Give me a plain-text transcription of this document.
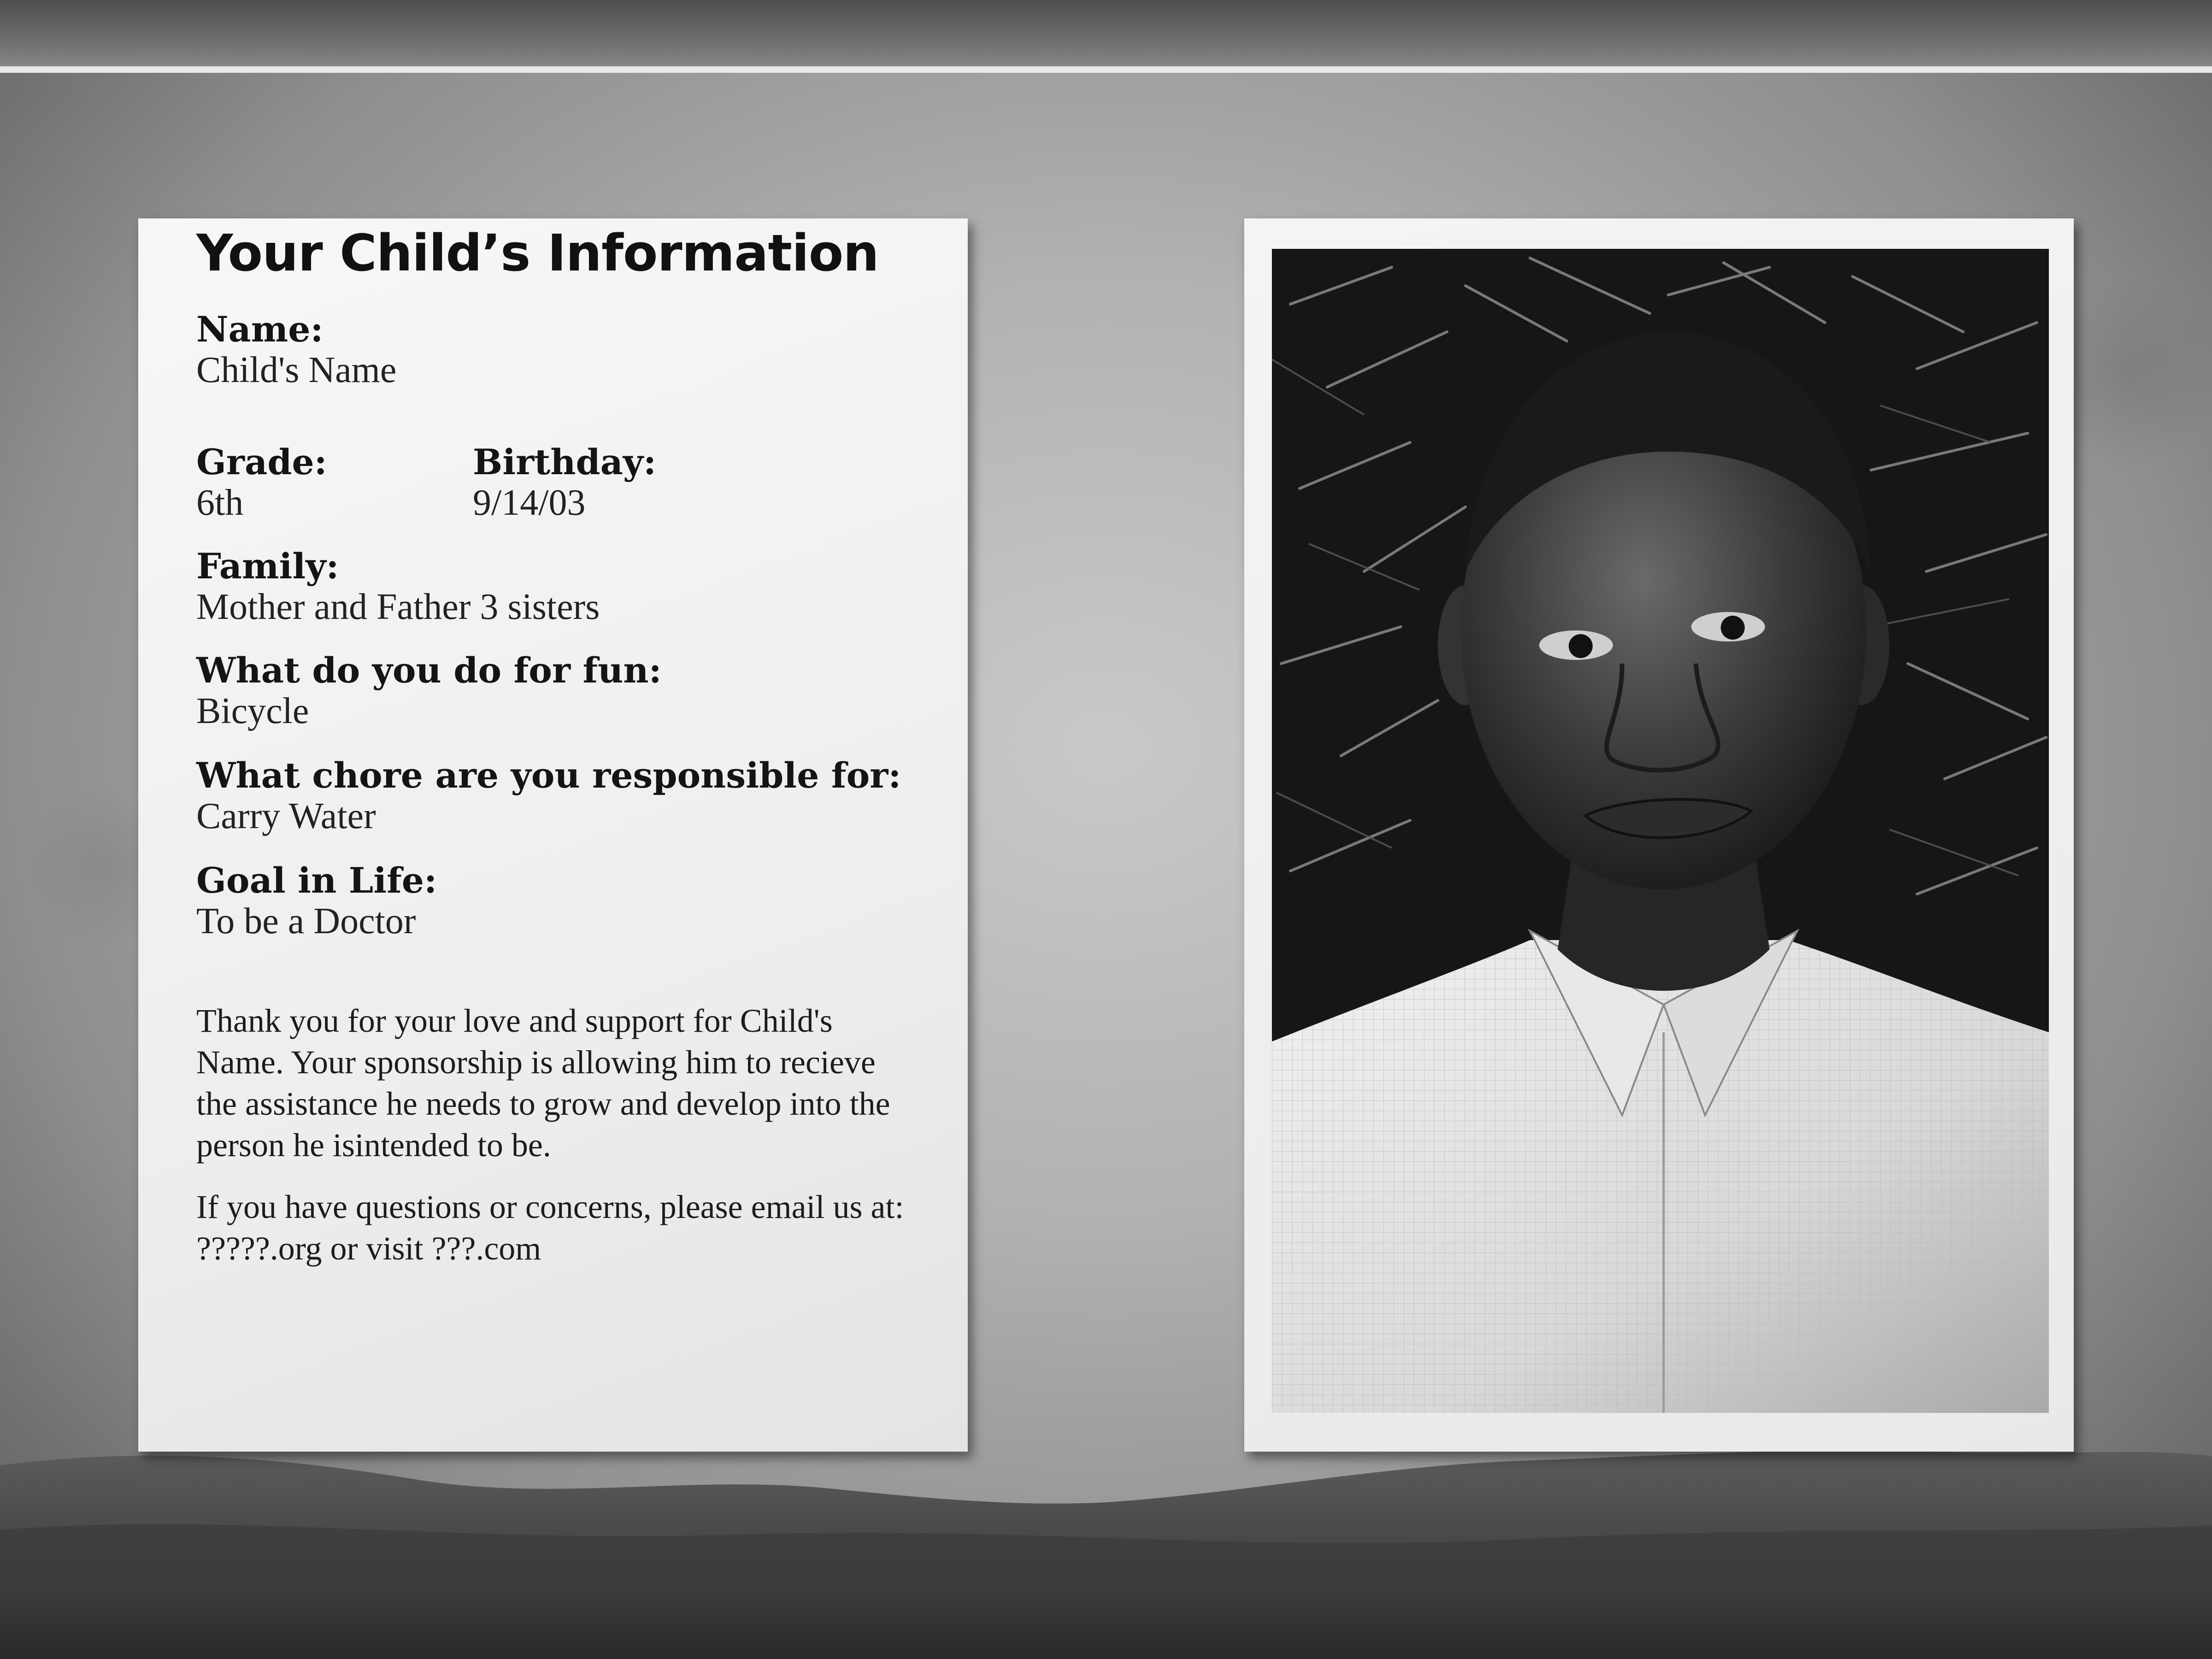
Your Child’s Information
Name:
Child's Name
Grade:
6th
Birthday:
9/14/03
Family:
Mother and Father 3 sisters
What do you do for fun:
Bicycle
What chore are you responsible for:
Carry Water
Goal in Life:
To be a Doctor

Thank you for your love and support for Child's Name. Your sponsorship is allowing him to recieve the assistance he needs to grow and develop into the person he isintended to be.

If you have questions or concerns, please email us at: ?????.org or visit ???.com
